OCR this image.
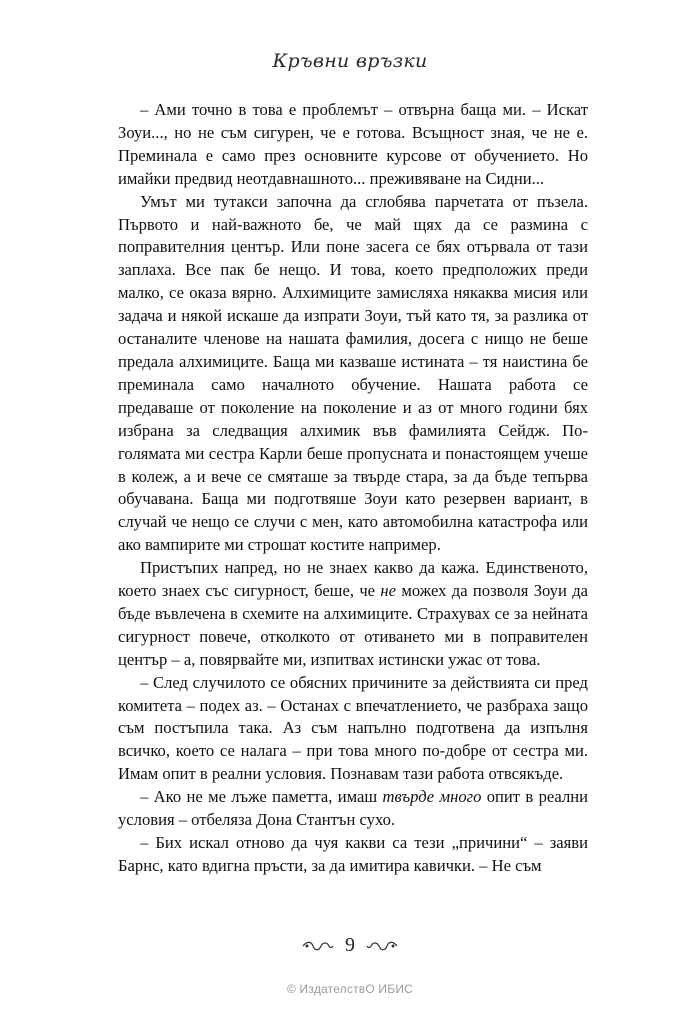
Кръвни връзки

– Ами точно в това е проблемът – отвърна баща ми. – Искат Зоуи..., но не съм сигурен, че е готова. Всъщност зная, че не е. Преминала е само през основните курсове от обучението. Но имайки предвид неотдавнашното... преживяване на Сидни...

Умът ми тутакси започна да сглобява парчетата от пъзела. Първото и най-важното бе, че май щях да се размина с поправителния център. Или поне засега се бях отървала от тази заплаха. Все пак бе нещо. И това, което предположих преди малко, се оказа вярно. Алхимиците замисляха някаква мисия или задача и някой искаше да изпрати Зоуи, тъй като тя, за разлика от останалите членове на нашата фамилия, досега с нищо не беше предала алхимиците. Баща ми казваше истината – тя наистина бе преминала само началното обучение. Нашата работа се предаваше от поколение на поколение и аз от много години бях избрана за следващия алхимик във фамилията Сейдж. По-голямата ми сестра Карли беше пропусната и понастоящем учеше в колеж, а и вече се смяташе за твърде стара, за да бъде тепърва обучавана. Баща ми подготвяше Зоуи като резервен вариант, в случай че нещо се случи с мен, като автомобилна катастрофа или ако вампирите ми строшат костите например.

Пристъпих напред, но не знаех какво да кажа. Единственото, което знаех със сигурност, беше, че не можех да позволя Зоуи да бъде въвлечена в схемите на алхимиците. Страхувах се за нейната сигурност повече, отколкото от отиването ми в поправителен център – а, повярвайте ми, изпитвах истински ужас от това.

– След случилото се обясних причините за действията си пред комитета – подех аз. – Останах с впечатлението, че разбраха защо съм постъпила така. Аз съм напълно подготвена да изпълня всичко, което се налага – при това много по-добре от сестра ми. Имам опит в реални условия. Познавам тази работа отвсякъде.

– Ако не ме лъже паметта, имаш твърде много опит в реални условия – отбеляза Дона Стантън сухо.

– Бих искал отново да чуя какви са тези „причини“ – заяви Барнс, като вдигна пръсти, за да имитира кавички. – Не съм

9
© ИздателствО ИБИС
